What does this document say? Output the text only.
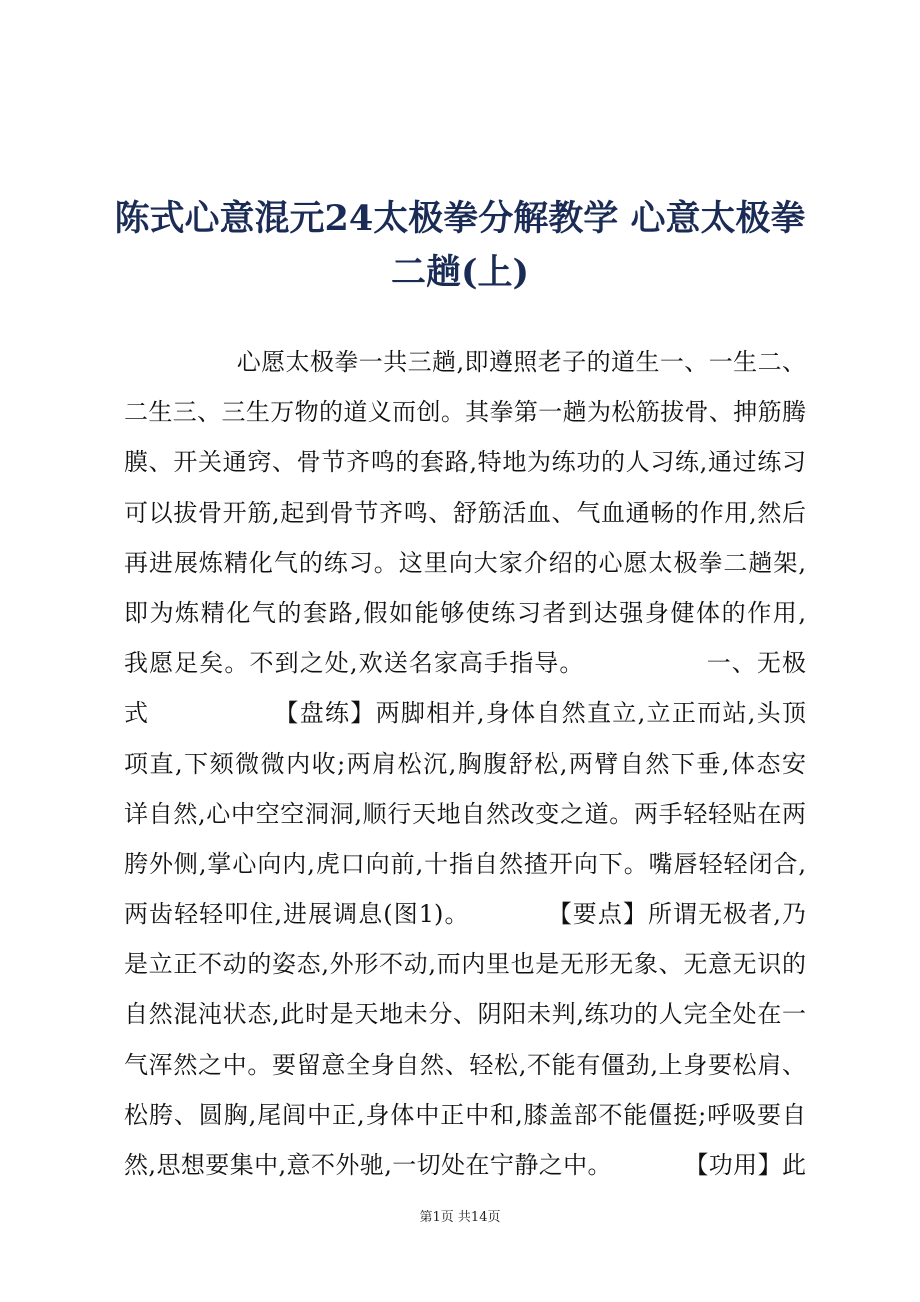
陈式心意混元24太极拳分解教学 心意太极拳二趟(上)
心愿太极拳一共三趟,即遵照老子的道生一、一生二、
二生三、三生万物的道义而创。其拳第一趟为松筋拔骨、抻筋腾
膜、开关通窍、骨节齐鸣的套路,特地为练功的人习练,通过练习
可以拔骨开筋,起到骨节齐鸣、舒筋活血、气血通畅的作用,然后
再进展炼精化气的练习。这里向大家介绍的心愿太极拳二趟架,
即为炼精化气的套路,假如能够使练习者到达强身健体的作用,
我愿足矣。不到之处,欢送名家高手指导。              一、无极
式              【盘练】两脚相并,身体自然直立,立正而站,头顶
项直,下颏微微内收;两肩松沉,胸腹舒松,两臂自然下垂,体态安
详自然,心中空空洞洞,顺行天地自然改变之道。两手轻轻贴在两
胯外侧,掌心向内,虎口向前,十指自然揸开向下。嘴唇轻轻闭合,
两齿轻轻叩住,进展调息(图1)。         【要点】所谓无极者,乃
是立正不动的姿态,外形不动,而内里也是无形无象、无意无识的
自然混沌状态,此时是天地未分、阴阳未判,练功的人完全处在一
气浑然之中。要留意全身自然、轻松,不能有僵劲,上身要松肩、
松胯、圆胸,尾闾中正,身体中正中和,膝盖部不能僵挺;呼吸要自
然,思想要集中,意不外驰,一切处在宁静之中。         【功用】此
第1页 共14页
